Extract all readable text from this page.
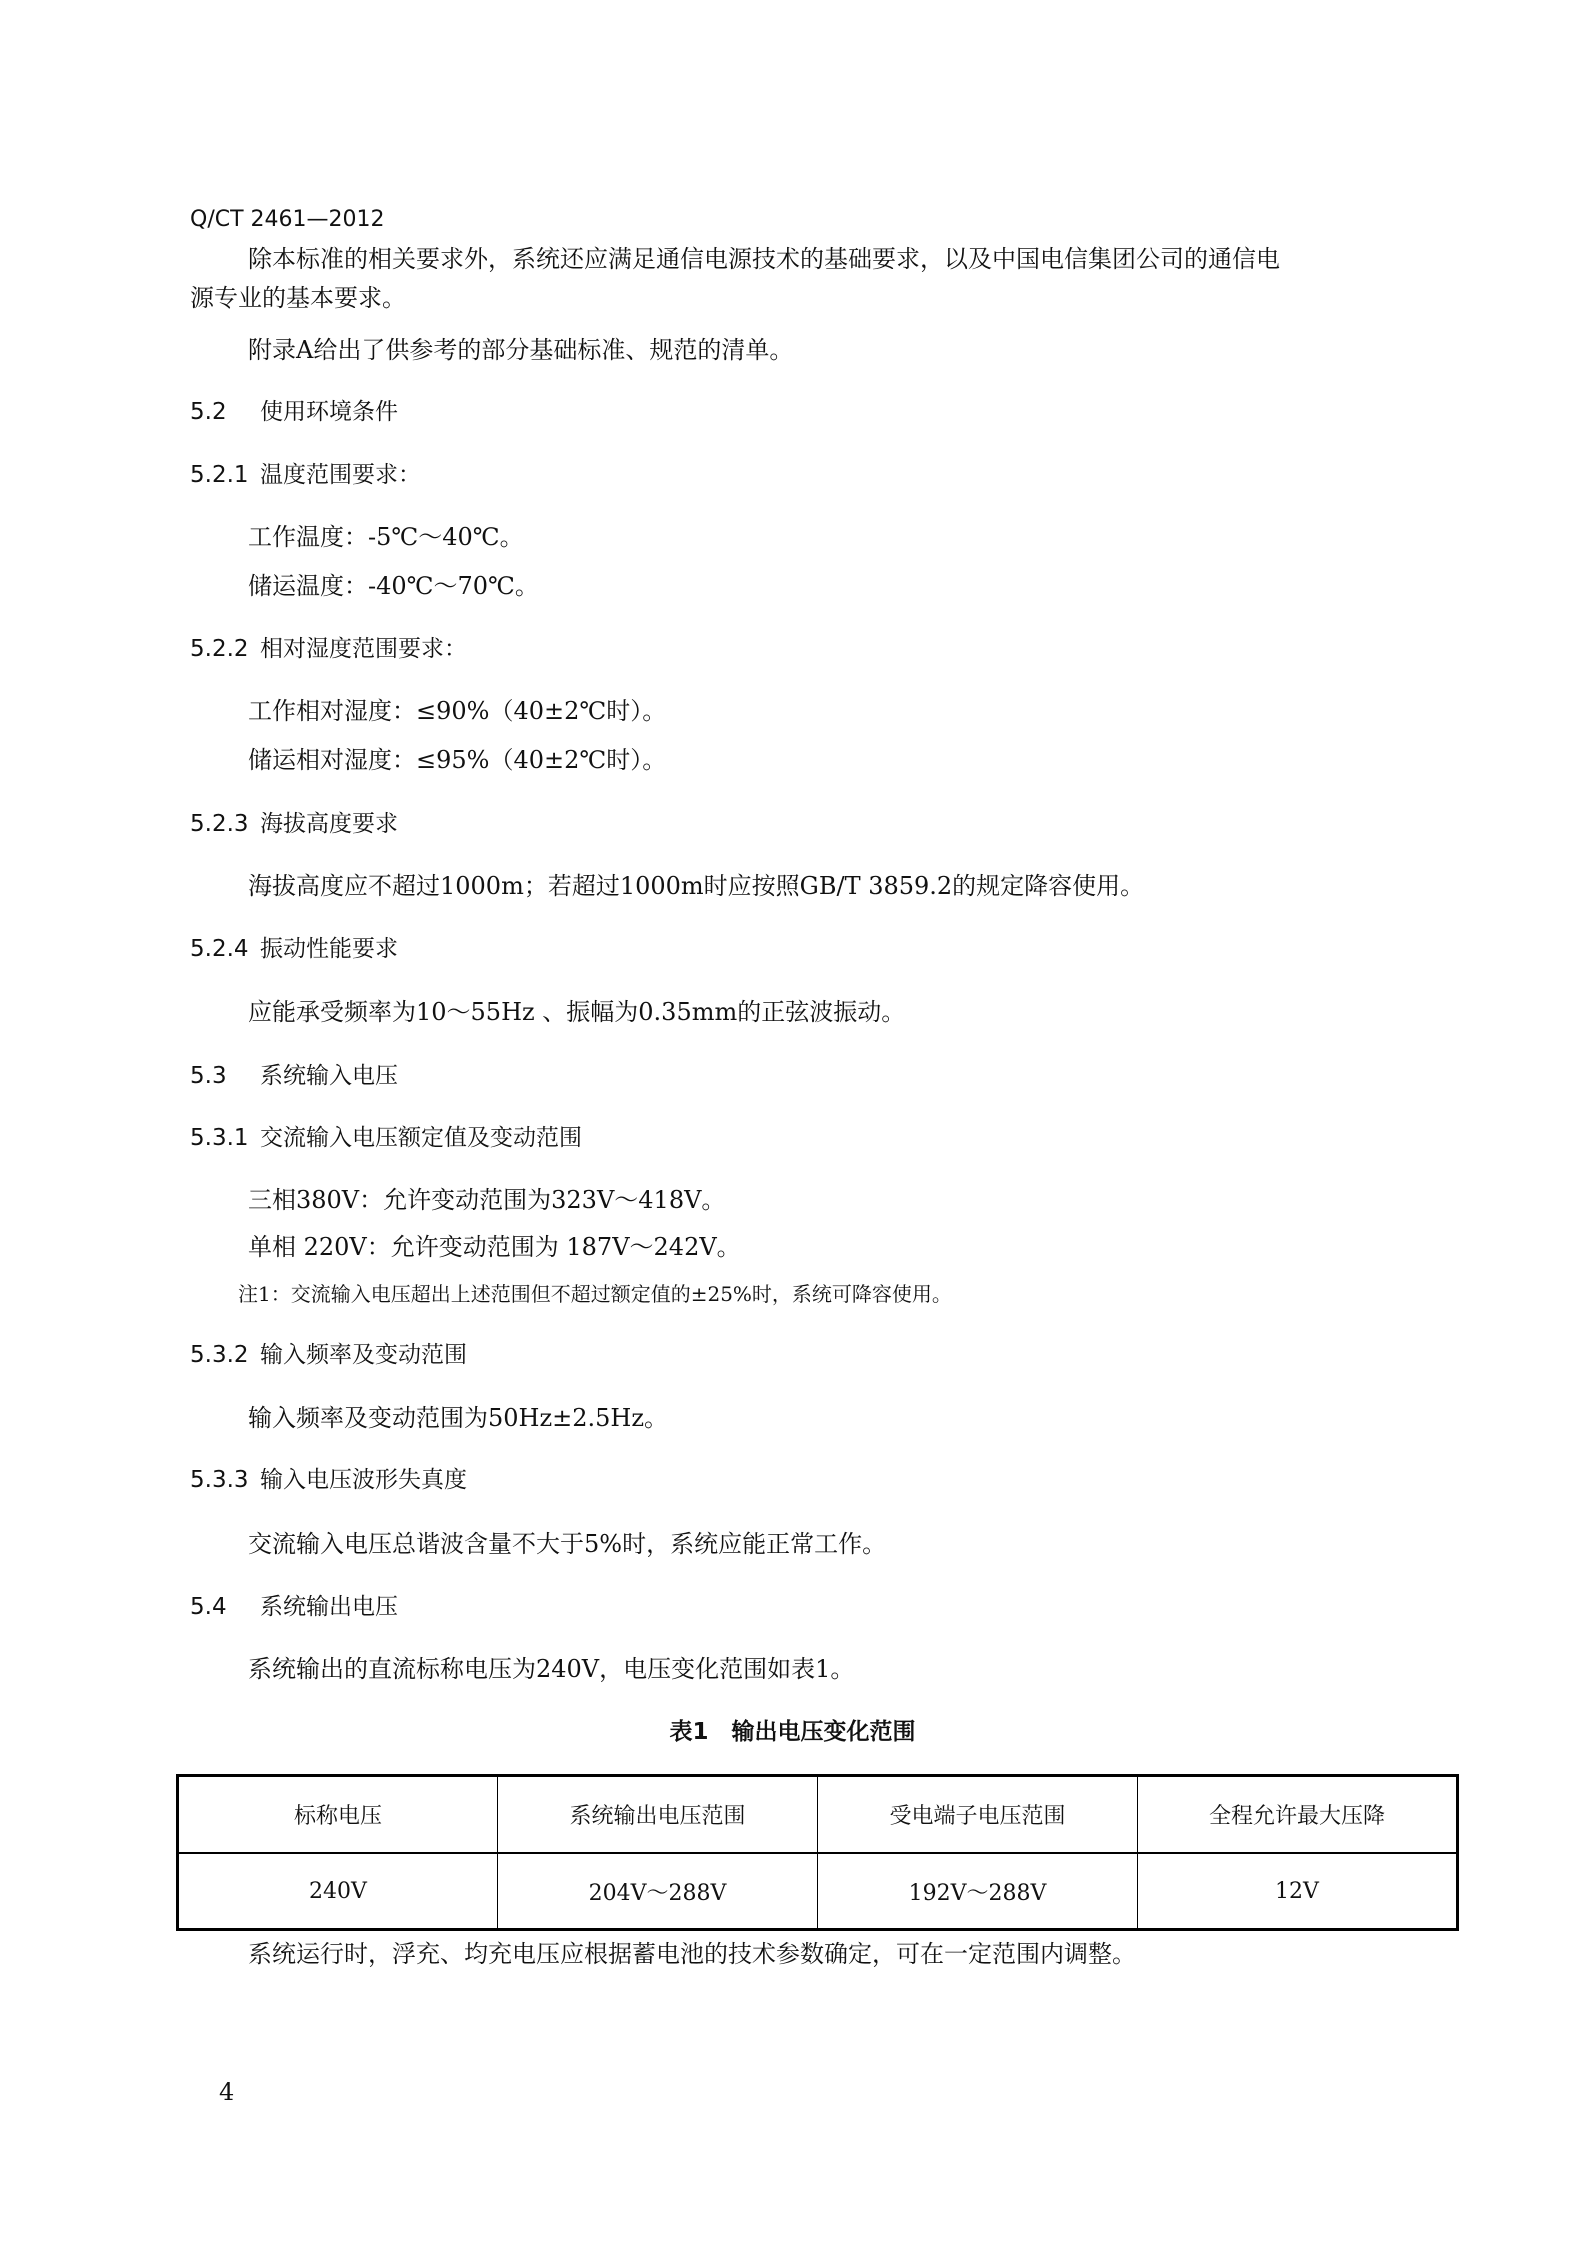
Q/CT 2461—2012
除本标准的相关要求外，系统还应满足通信电源技术的基础要求，以及中国电信集团公司的通信电
源专业的基本要求。
附录A给出了供参考的部分基础标准、规范的清单。
5.2 使用环境条件
5.2.1 温度范围要求：
工作温度：-5℃～40℃。
储运温度：-40℃～70℃。
5.2.2 相对湿度范围要求：
工作相对湿度：≤90%（40±2℃时）。
储运相对湿度：≤95%（40±2℃时）。
5.2.3 海拔高度要求
海拔高度应不超过1000m；若超过1000m时应按照GB/T 3859.2的规定降容使用。
5.2.4 振动性能要求
应能承受频率为10～55Hz 、振幅为0.35mm的正弦波振动。
5.3 系统输入电压
5.3.1 交流输入电压额定值及变动范围
三相380V：允许变动范围为323V～418V。
单相 220V：允许变动范围为 187V～242V。
注1：交流输入电压超出上述范围但不超过额定值的±25%时，系统可降容使用。
5.3.2 输入频率及变动范围
输入频率及变动范围为50Hz±2.5Hz。
5.3.3 输入电压波形失真度
交流输入电压总谐波含量不大于5%时，系统应能正常工作。
5.4 系统输出电压
系统输出的直流标称电压为240V，电压变化范围如表1。
表1　输出电压变化范围
标称电压	系统输出电压范围	受电端子电压范围	全程允许最大压降
240V	204V～288V	192V～288V	12V
系统运行时，浮充、均充电压应根据蓄电池的技术参数确定，可在一定范围内调整。
4
